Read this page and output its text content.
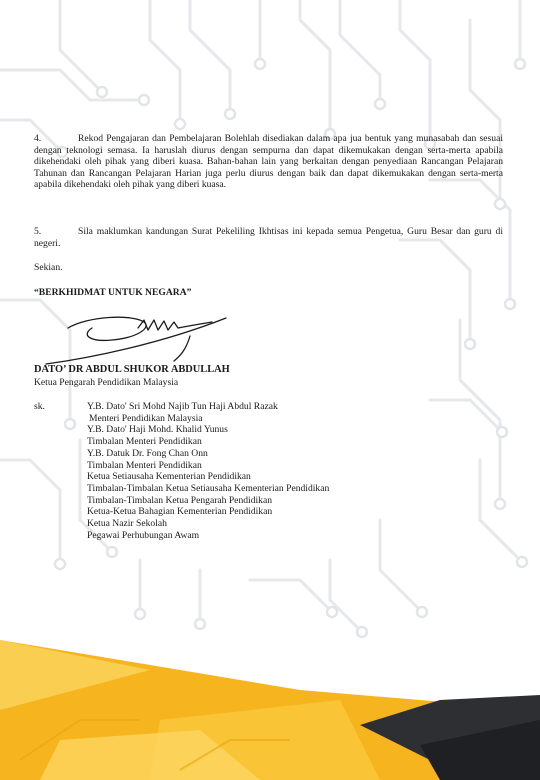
4.	Rekod Pengajaran dan Pembelajaran Bolehlah disediakan dalam apa jua bentuk yang munasabah dan sesuai dengan teknologi semasa. Ia haruslah diurus dengan sempurna dan dapat dikemukakan dengan serta-merta apabila dikehendaki oleh pihak yang diberi kuasa. Bahan-bahan lain yang berkaitan dengan penyediaan Rancangan Pelajaran Tahunan dan Rancangan Pelajaran Harian juga perlu diurus dengan baik dan dapat dikemukakan dengan serta-merta apabila dikehendaki oleh pihak yang diberi kuasa.

5.	Sila maklumkan kandungan Surat Pekeliling Ikhtisas ini kepada semua Pengetua, Guru Besar dan guru di negeri.

Sekian.

“BERKHIDMAT UNTUK NEGARA”

DATO’ DR ABDUL SHUKOR ABDULLAH

Ketua Pengarah Pendidikan Malaysia

sk.	Y.B. Dato' Sri Mohd Najib Tun Haji Abdul Razak
Menteri Pendidikan Malaysia
Y.B. Dato' Haji Mohd. Khalid Yunus
Timbalan Menteri Pendidikan
Y.B. Datuk Dr. Fong Chan Onn
Timbalan Menteri Pendidikan
Ketua Setiausaha Kementerian Pendidikan
Timbalan-Timbalan Ketua Setiausaha Kementerian Pendidikan
Timbalan-Timbalan Ketua Pengarah Pendidikan
Ketua-Ketua Bahagian Kementerian Pendidikan
Ketua Nazir Sekolah
Pegawai Perhubungan Awam
